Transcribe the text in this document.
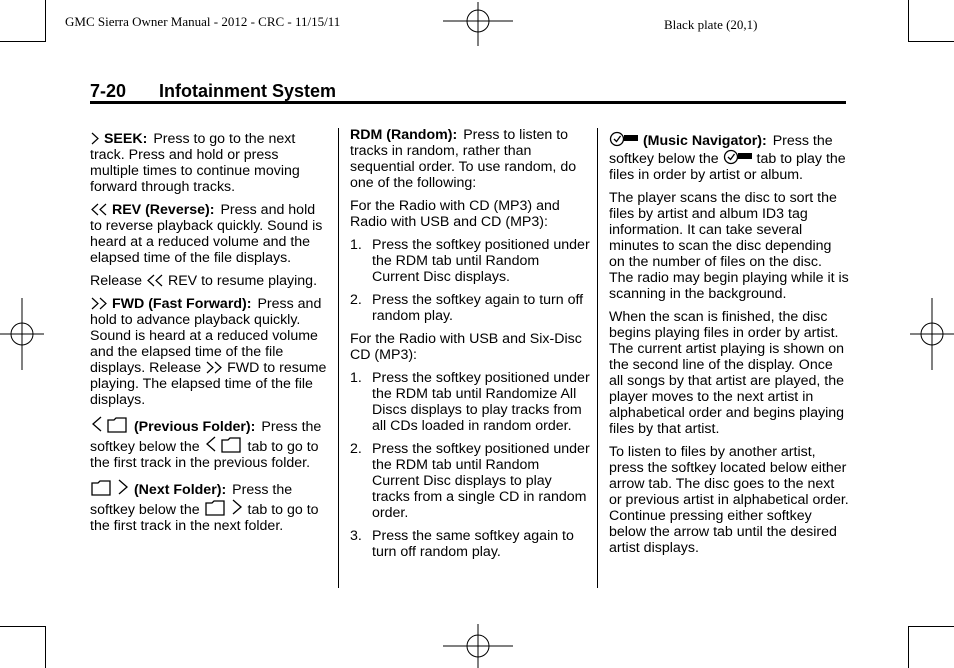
GMC Sierra Owner Manual - 2012 - CRC - 11/15/11	Black plate (20,1)
7-20 Infotainment System

SEEK: Press to go to the next track. Press and hold or press multiple times to continue moving forward through tracks.

REV (Reverse): Press and hold to reverse playback quickly. Sound is heard at a reduced volume and the elapsed time of the file displays.

Release REV to resume playing.

FWD (Fast Forward): Press and hold to advance playback quickly. Sound is heard at a reduced volume and the elapsed time of the file displays. Release FWD to resume playing. The elapsed time of the file displays.

(Previous Folder): Press the softkey below the	tab to go to the first track in the previous folder.

(Next Folder): Press the softkey below the	tab to go to the first track in the next folder.

RDM (Random): Press to listen to tracks in random, rather than sequential order. To use random, do one of the following:

For the Radio with CD (MP3) and Radio with USB and CD (MP3):

1. Press the softkey positioned under the RDM tab until Random Current Disc displays.
2. Press the softkey again to turn off random play.

For the Radio with USB and Six-Disc CD (MP3):

1. Press the softkey positioned under the RDM tab until Randomize All Discs displays to play tracks from all CDs loaded in random order.
2. Press the softkey positioned under the RDM tab until Random Current Disc displays to play tracks from a single CD in random order.
3. Press the same softkey again to turn off random play.

(Music Navigator): Press the softkey below the	tab to play the files in order by artist or album.

The player scans the disc to sort the files by artist and album ID3 tag information. It can take several minutes to scan the disc depending on the number of files on the disc. The radio may begin playing while it is scanning in the background.

When the scan is finished, the disc begins playing files in order by artist. The current artist playing is shown on the second line of the display. Once all songs by that artist are played, the player moves to the next artist in alphabetical order and begins playing files by that artist.

To listen to files by another artist, press the softkey located below either arrow tab. The disc goes to the next or previous artist in alphabetical order. Continue pressing either softkey below the arrow tab until the desired artist displays.
